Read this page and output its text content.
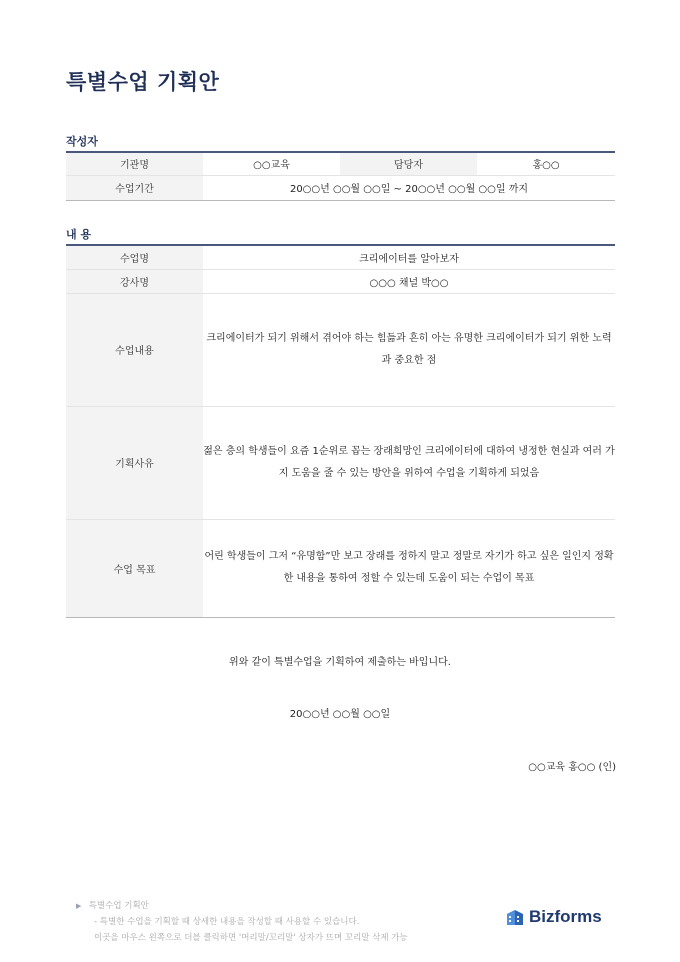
특별수업 기획안
작성자
기관명	○○교육	담당자	홍○○
수업기간	20○○년 ○○월 ○○일 ~ 20○○년 ○○월 ○○일 까지		
내 용
수업명	크리에이터를 알아보자
강사명	○○○ 채널 박○○
수업내용	크리에이터가 되기 위해서 겪어야 하는 힘듦과 흔히 아는 유명한 크리에이터가 되기 위한 노력과 중요한 점
기획사유	젊은 층의 학생들이 요즘 1순위로 꼽는 장래희망인 크리에이터에 대하여 냉정한 현실과 여러 가지 도움을 줄 수 있는 방안을 위하여 수업을 기획하게 되었음
수업 목표	어린 학생들이 그저 “유명함”만 보고 장래를 정하지 말고 정말로 자기가 하고 싶은 일인지 정확한 내용을 통하여 정할 수 있는데 도움이 되는 수업이 목표
위와 같이 특별수업을 기획하여 제출하는 바입니다.
20○○년 ○○월 ○○일
○○교육 홍○○ (인)
▶ 특별수업 기획안
- 특별한 수업을 기획할 때 상세한 내용을 작성할 때 사용할 수 있습니다.
이곳을 마우스 왼쪽으로 더블 클릭하면 '머리말/꼬리말' 상자가 뜨며 꼬리말 삭제 가능
Bizforms
